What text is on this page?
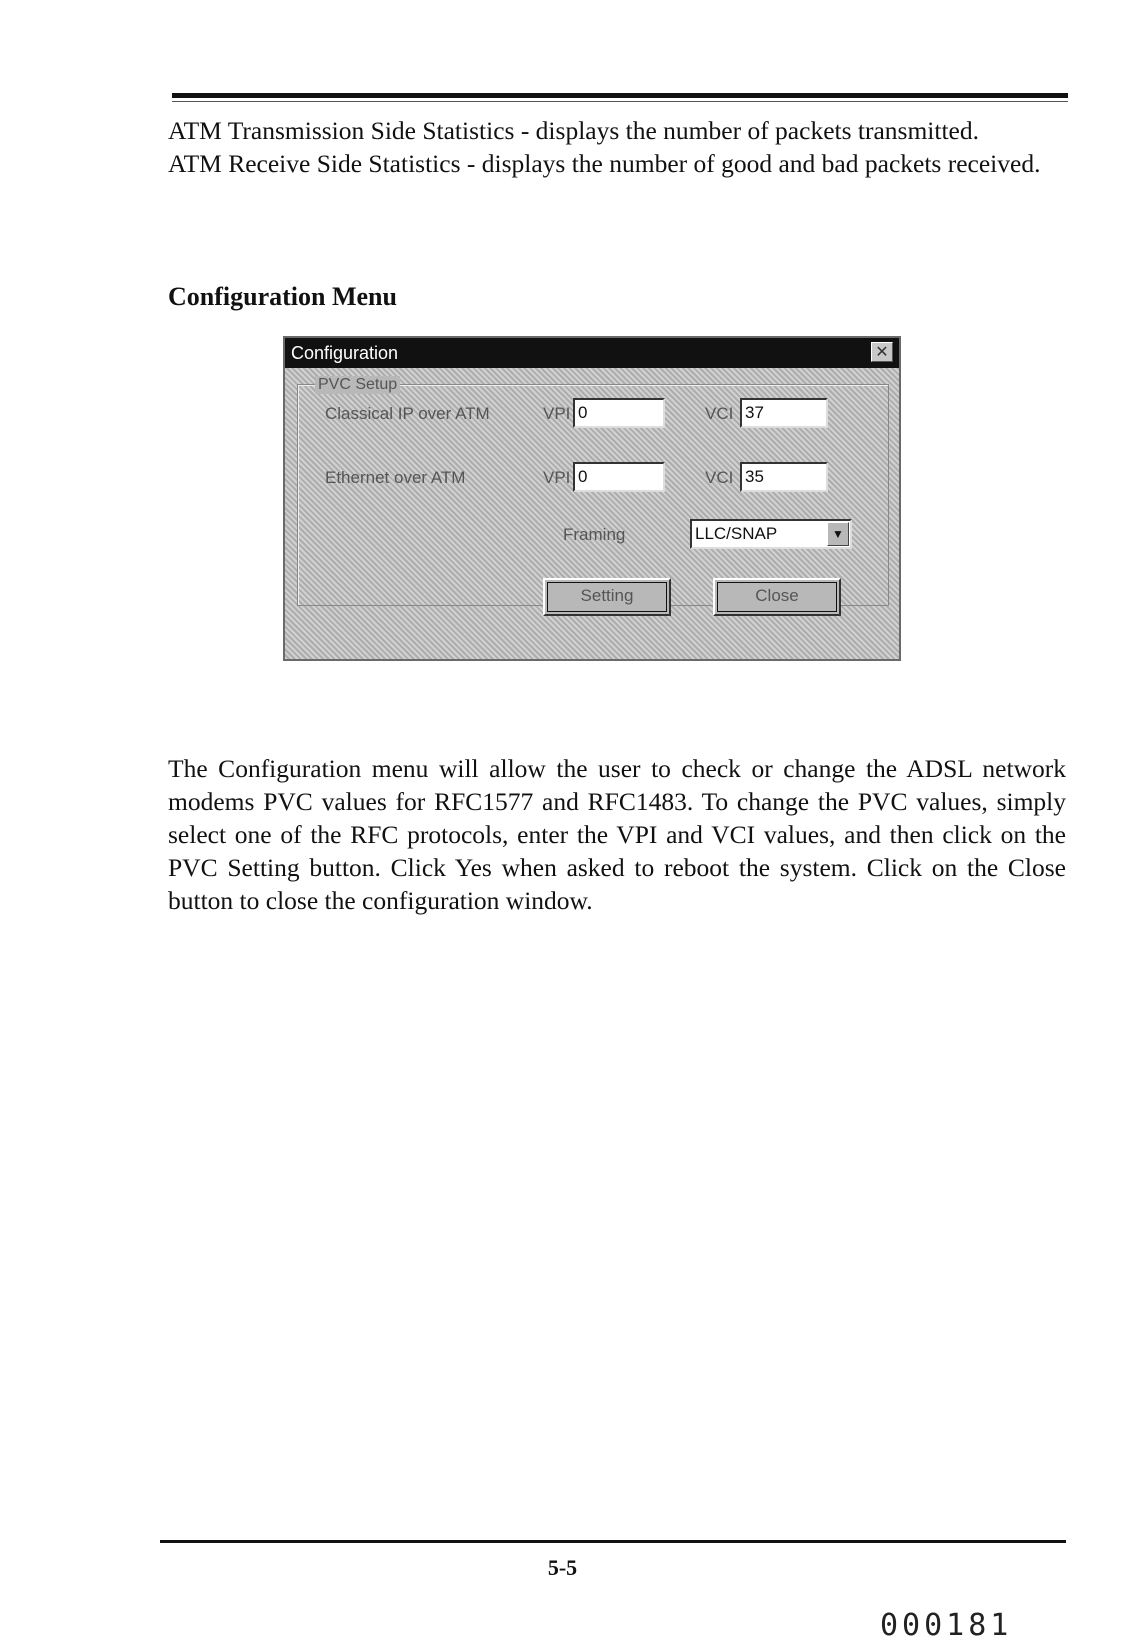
ATM Transmission Side Statistics - displays the number of packets transmitted.

ATM Receive Side Statistics - displays the number of good and bad packets received.

Configuration Menu
Configuration	✕
PVC Setup
Classical IP over ATM	VPI 0	VCI 37
Ethernet over ATM	VPI 0	VCI 35
Framing	LLC/SNAP	▼
Setting	Close

The Configuration menu will allow the user to check or change the ADSL network modems PVC values for RFC1577 and RFC1483. To change the PVC values, simply select one of the RFC protocols, enter the VPI and VCI values, and then click on the PVC Setting button. Click Yes when asked to reboot the system. Click on the Close button to close the configuration window.

5-5

000181
